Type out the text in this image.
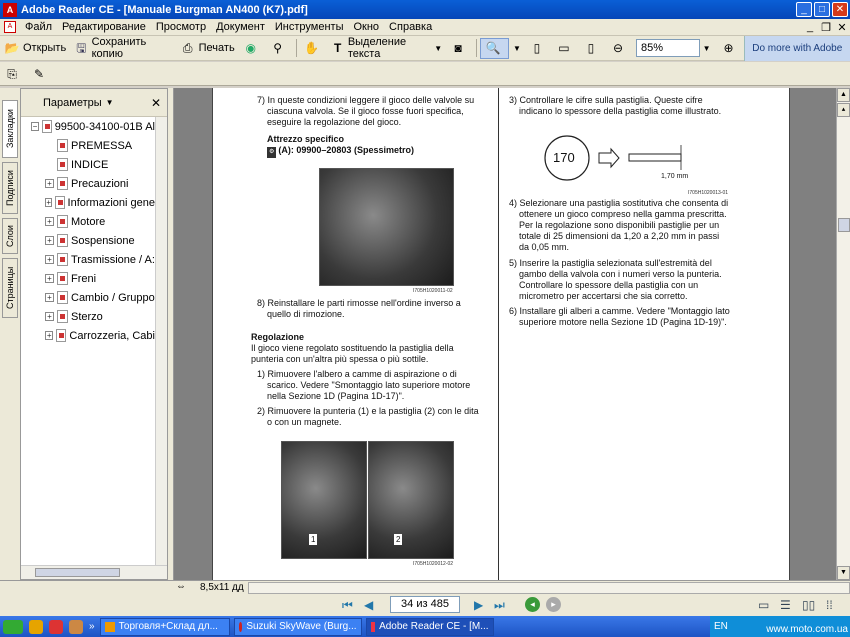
A Adobe Reader CE - [Manuale Burgman AN400 (K7).pdf]	_	□	✕
A	Файл Редактирование Просмотр Документ Инструменты Окно Справка	_ ❐ ✕
📂 Открыть 🖫 Сохранить копию	⎙ Печать ◉ ⚲	✋ T Выделение текста	▼	◙	🔍 ▼	▯	▭	▯	⊖	85%	▼ ⊕	Do more with Adobe
⎘ ✎
Закладки
Подписи
Слои
Страницы
Параметры ▼	✕
− 99500-34100-01B Al
PREMESSA
INDICE
+ Precauzioni
+ Informazioni gene
+ Motore
+ Sospensione
+ Trasmissione / A:
+ Freni
+ Cambio / Gruppo
+ Sterzo
+ Carrozzeria, Cabi
7) In queste condizioni leggere il gioco delle valvole su
ciascuna valvola. Se il gioco fosse fuori specifica,
eseguire la regolazione del gioco.
Attrezzo specifico
⚙ (A): 09900–20803 (Spessimetro)
I705H1020011-02
8) Reinstallare le parti rimosse nell'ordine inverso a
quello di rimozione.
Regolazione
Il gioco viene regolato sostituendo la pastiglia della
punteria con un'altra più spessa o più sottile.
1) Rimuovere l'albero a camme di aspirazione o di
scarico. Vedere "Smontaggio lato superiore motore
nella Sezione 1D (Pagina 1D-17)".
2) Rimuovere la punteria (1) e la pastiglia (2) con le dita
o con un magnete.
1	2
I705H1020012-02
3) Controllare le cifre sulla pastiglia. Queste cifre
indicano lo spessore della pastiglia come illustrato.
170
1,70 mm
I705H1020013-01
4) Selezionare una pastiglia sostitutiva che consenta di
ottenere un gioco compreso nella gamma prescritta.
Per la regolazione sono disponibili pastiglie per un
totale di 25 dimensioni da 1,20 a 2,20 mm in passi
da 0,05 mm.
5) Inserire la pastiglia selezionata sull'estremità del
gambo della valvola con i numeri verso la punteria.
Controllare lo spessore della pastiglia con un
micrometro per accertarsi che sia corretto.
6) Installare gli alberi a camme. Vedere "Montaggio lato
superiore motore nella Sezione 1D (Pagina 1D-19)".
▲
▴
▼
⇔ 8,5x11 дд
⏮ ◀	34 из 485	▶ ⏭	◂	▸	▭ ☰ ▯▯ ⁞⁞
» Торговля+Склад дл...	Suzuki SkyWave (Burg... Adobe Reader CE - [M...	EN	www.moto.com.ua
